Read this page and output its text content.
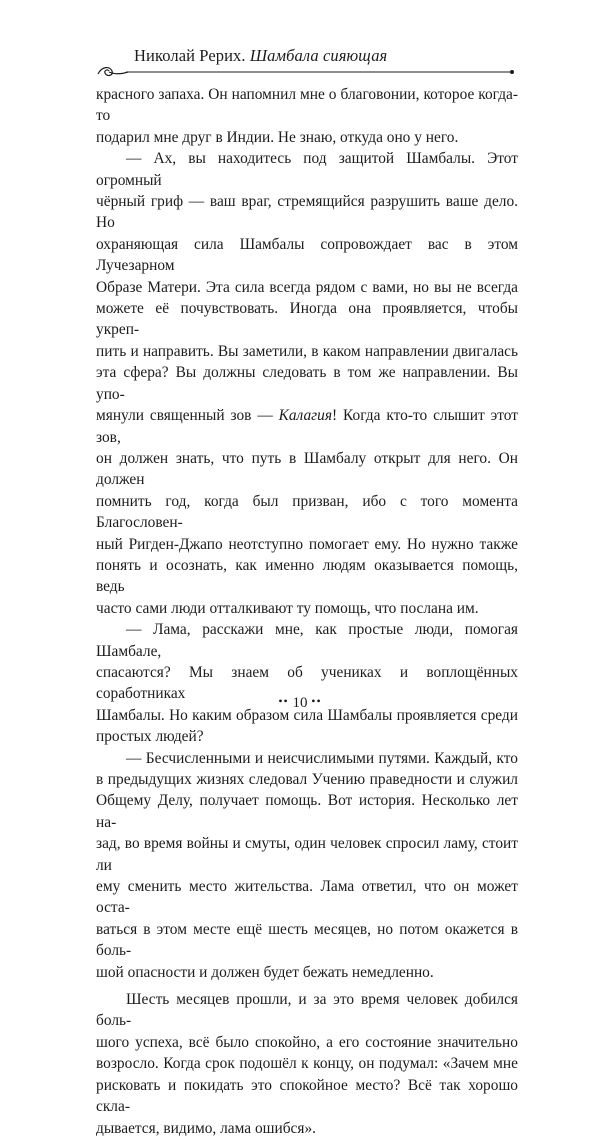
Николай Рерих. Шамбала сияющая

красного запаха. Он напомнил мне о благовонии, которое когда-то

подарил мне друг в Индии. Не знаю, откуда оно у него.

— Ах, вы находитесь под защитой Шамбалы. Этот огромный

чёрный гриф — ваш враг, стремящийся разрушить ваше дело. Но

охраняющая сила Шамбалы сопровождает вас в этом Лучезарном

Образе Матери. Эта сила всегда рядом с вами, но вы не всегда

можете её почувствовать. Иногда она проявляется, чтобы укреп-

пить и направить. Вы заметили, в каком направлении двигалась

эта сфера? Вы должны следовать в том же направлении. Вы упо-

мянули священный зов — Калагия! Когда кто-то слышит этот зов,

он должен знать, что путь в Шамбалу открыт для него. Он должен

помнить год, когда был призван, ибо с того момента Благословен-

ный Ригден-Джапо неотступно помогает ему. Но нужно также

понять и осознать, как именно людям оказывается помощь, ведь

часто сами люди отталкивают ту помощь, что послана им.

— Лама, расскажи мне, как простые люди, помогая Шамбале,

спасаются? Мы знаем об учениках и воплощённых соработниках

Шамбалы. Но каким образом сила Шамбалы проявляется среди

простых людей?

— Бесчисленными и неисчислимыми путями. Каждый, кто

в предыдущих жизнях следовал Учению праведности и служил

Общему Делу, получает помощь. Вот история. Несколько лет на-

зад, во время войны и смуты, один человек спросил ламу, стоит ли

ему сменить место жительства. Лама ответил, что он может оста-

ваться в этом месте ещё шесть месяцев, но потом окажется в боль-

шой опасности и должен будет бежать немедленно.

Шесть месяцев прошли, и за это время человек добился боль-

шого успеха, всё было спокойно, а его состояние значительно

возросло. Когда срок подошёл к концу, он подумал: «Зачем мне

рисковать и покидать это спокойное место? Всё так хорошо скла-

дывается, видимо, лама ошибся».

•• 10 ••
